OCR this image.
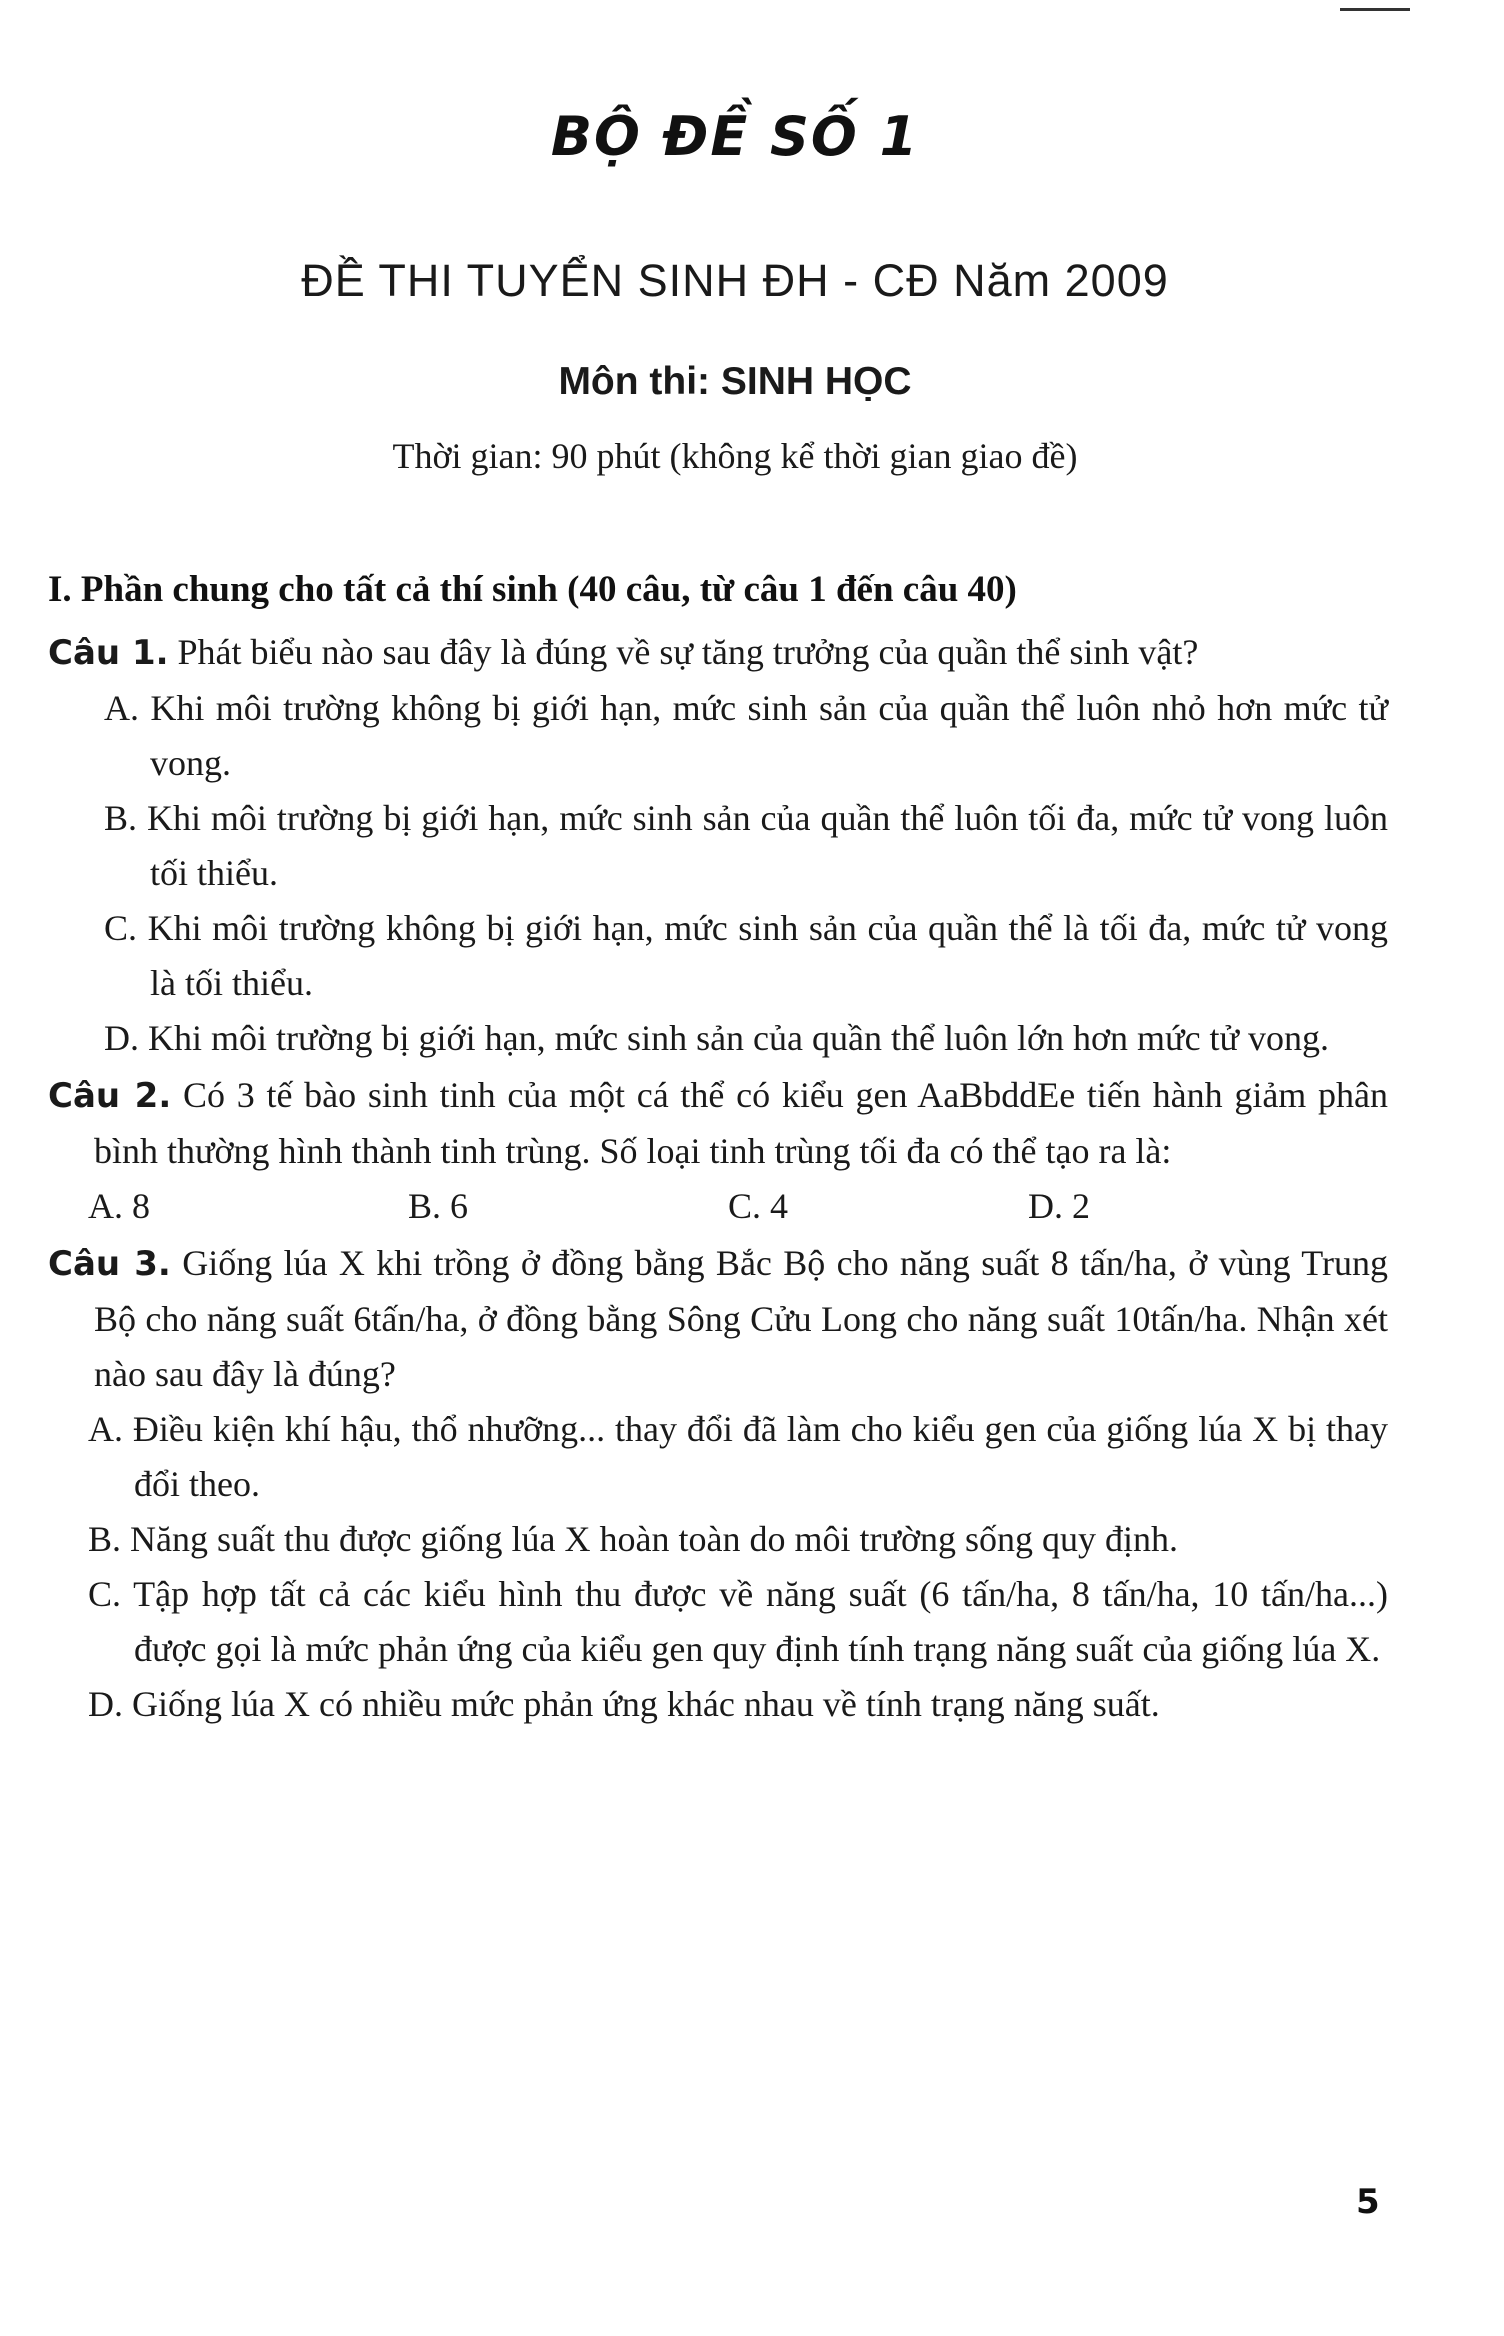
BỘ ĐỀ SỐ 1
ĐỀ THI TUYỂN SINH ĐH - CĐ Năm 2009
Môn thi: SINH HỌC
Thời gian: 90 phút (không kể thời gian giao đề)
I. Phần chung cho tất cả thí sinh (40 câu, từ câu 1 đến câu 40)
Câu 1. Phát biểu nào sau đây là đúng về sự tăng trưởng của quần thể sinh vật?
A. Khi môi trường không bị giới hạn, mức sinh sản của quần thể luôn nhỏ hơn mức tử vong.
B. Khi môi trường bị giới hạn, mức sinh sản của quần thể luôn tối đa, mức tử vong luôn tối thiểu.
C. Khi môi trường không bị giới hạn, mức sinh sản của quần thể là tối đa, mức tử vong là tối thiểu.
D. Khi môi trường bị giới hạn, mức sinh sản của quần thể luôn lớn hơn mức tử vong.
Câu 2. Có 3 tế bào sinh tinh của một cá thể có kiểu gen AaBbddEe tiến hành giảm phân bình thường hình thành tinh trùng. Số loại tinh trùng tối đa có thể tạo ra là:
A. 8	B. 6	C. 4	D. 2
Câu 3. Giống lúa X khi trồng ở đồng bằng Bắc Bộ cho năng suất 8 tấn/ha, ở vùng Trung Bộ cho năng suất 6tấn/ha, ở đồng bằng Sông Cửu Long cho năng suất 10tấn/ha. Nhận xét nào sau đây là đúng?
A. Điều kiện khí hậu, thổ nhưỡng... thay đổi đã làm cho kiểu gen của giống lúa X bị thay đổi theo.
B. Năng suất thu được giống lúa X hoàn toàn do môi trường sống quy định.
C. Tập hợp tất cả các kiểu hình thu được về năng suất (6 tấn/ha, 8 tấn/ha, 10 tấn/ha...) được gọi là mức phản ứng của kiểu gen quy định tính trạng năng suất của giống lúa X.
D. Giống lúa X có nhiều mức phản ứng khác nhau về tính trạng năng suất.
5
